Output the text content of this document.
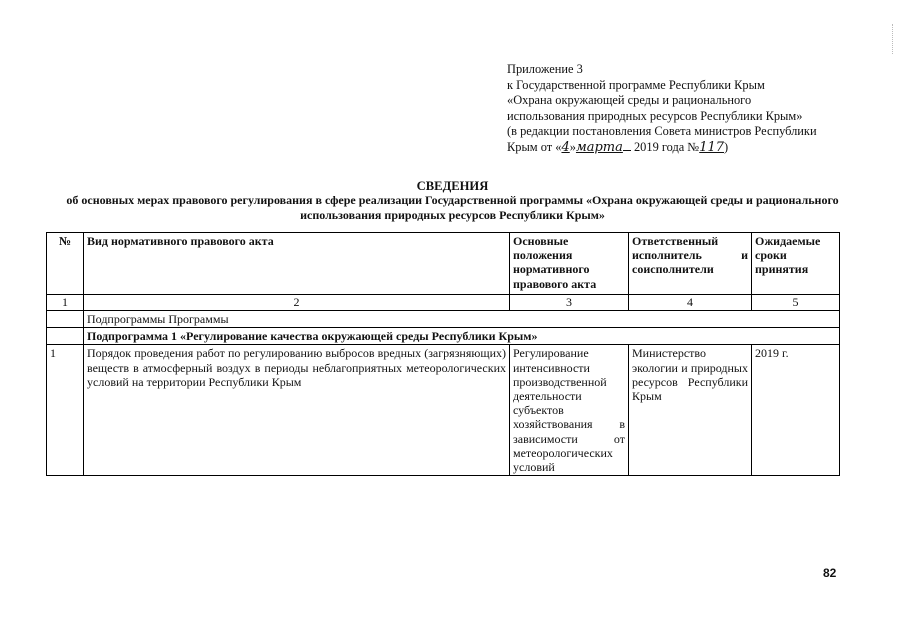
Приложение 3
к Государственной программе Республики Крым
«Охрана окружающей среды и рационального
использования природных ресурсов Республики Крым»
(в редакции постановления Совета министров Республики
Крым от «4»марта 2019 года №117)
СВЕДЕНИЯ
об основных мерах правового регулирования в сфере реализации Государственной программы «Охрана окружающей среды и рационального использования природных ресурсов Республики Крым»
№	Вид нормативного правового акта	Основные положения нормативного правового акта	Ответственный исполнитель и соисполнители	Ожидаемые сроки принятия
1	2	3	4	5
	Подпрограммы Программы			
	Подпрограмма 1 «Регулирование качества окружающей среды Республики Крым»			
1	Порядок проведения работ по регулированию выбросов вредных (загрязняющих) веществ в атмосферный воздух в периоды неблагоприятных метеорологических условий на территории Республики Крым	Регулирование интенсивности производственной деятельности субъектов хозяйствования в зависимости от метеорологических условий	Министерство экологии и природных ресурсов Республики Крым	2019 г.
82
